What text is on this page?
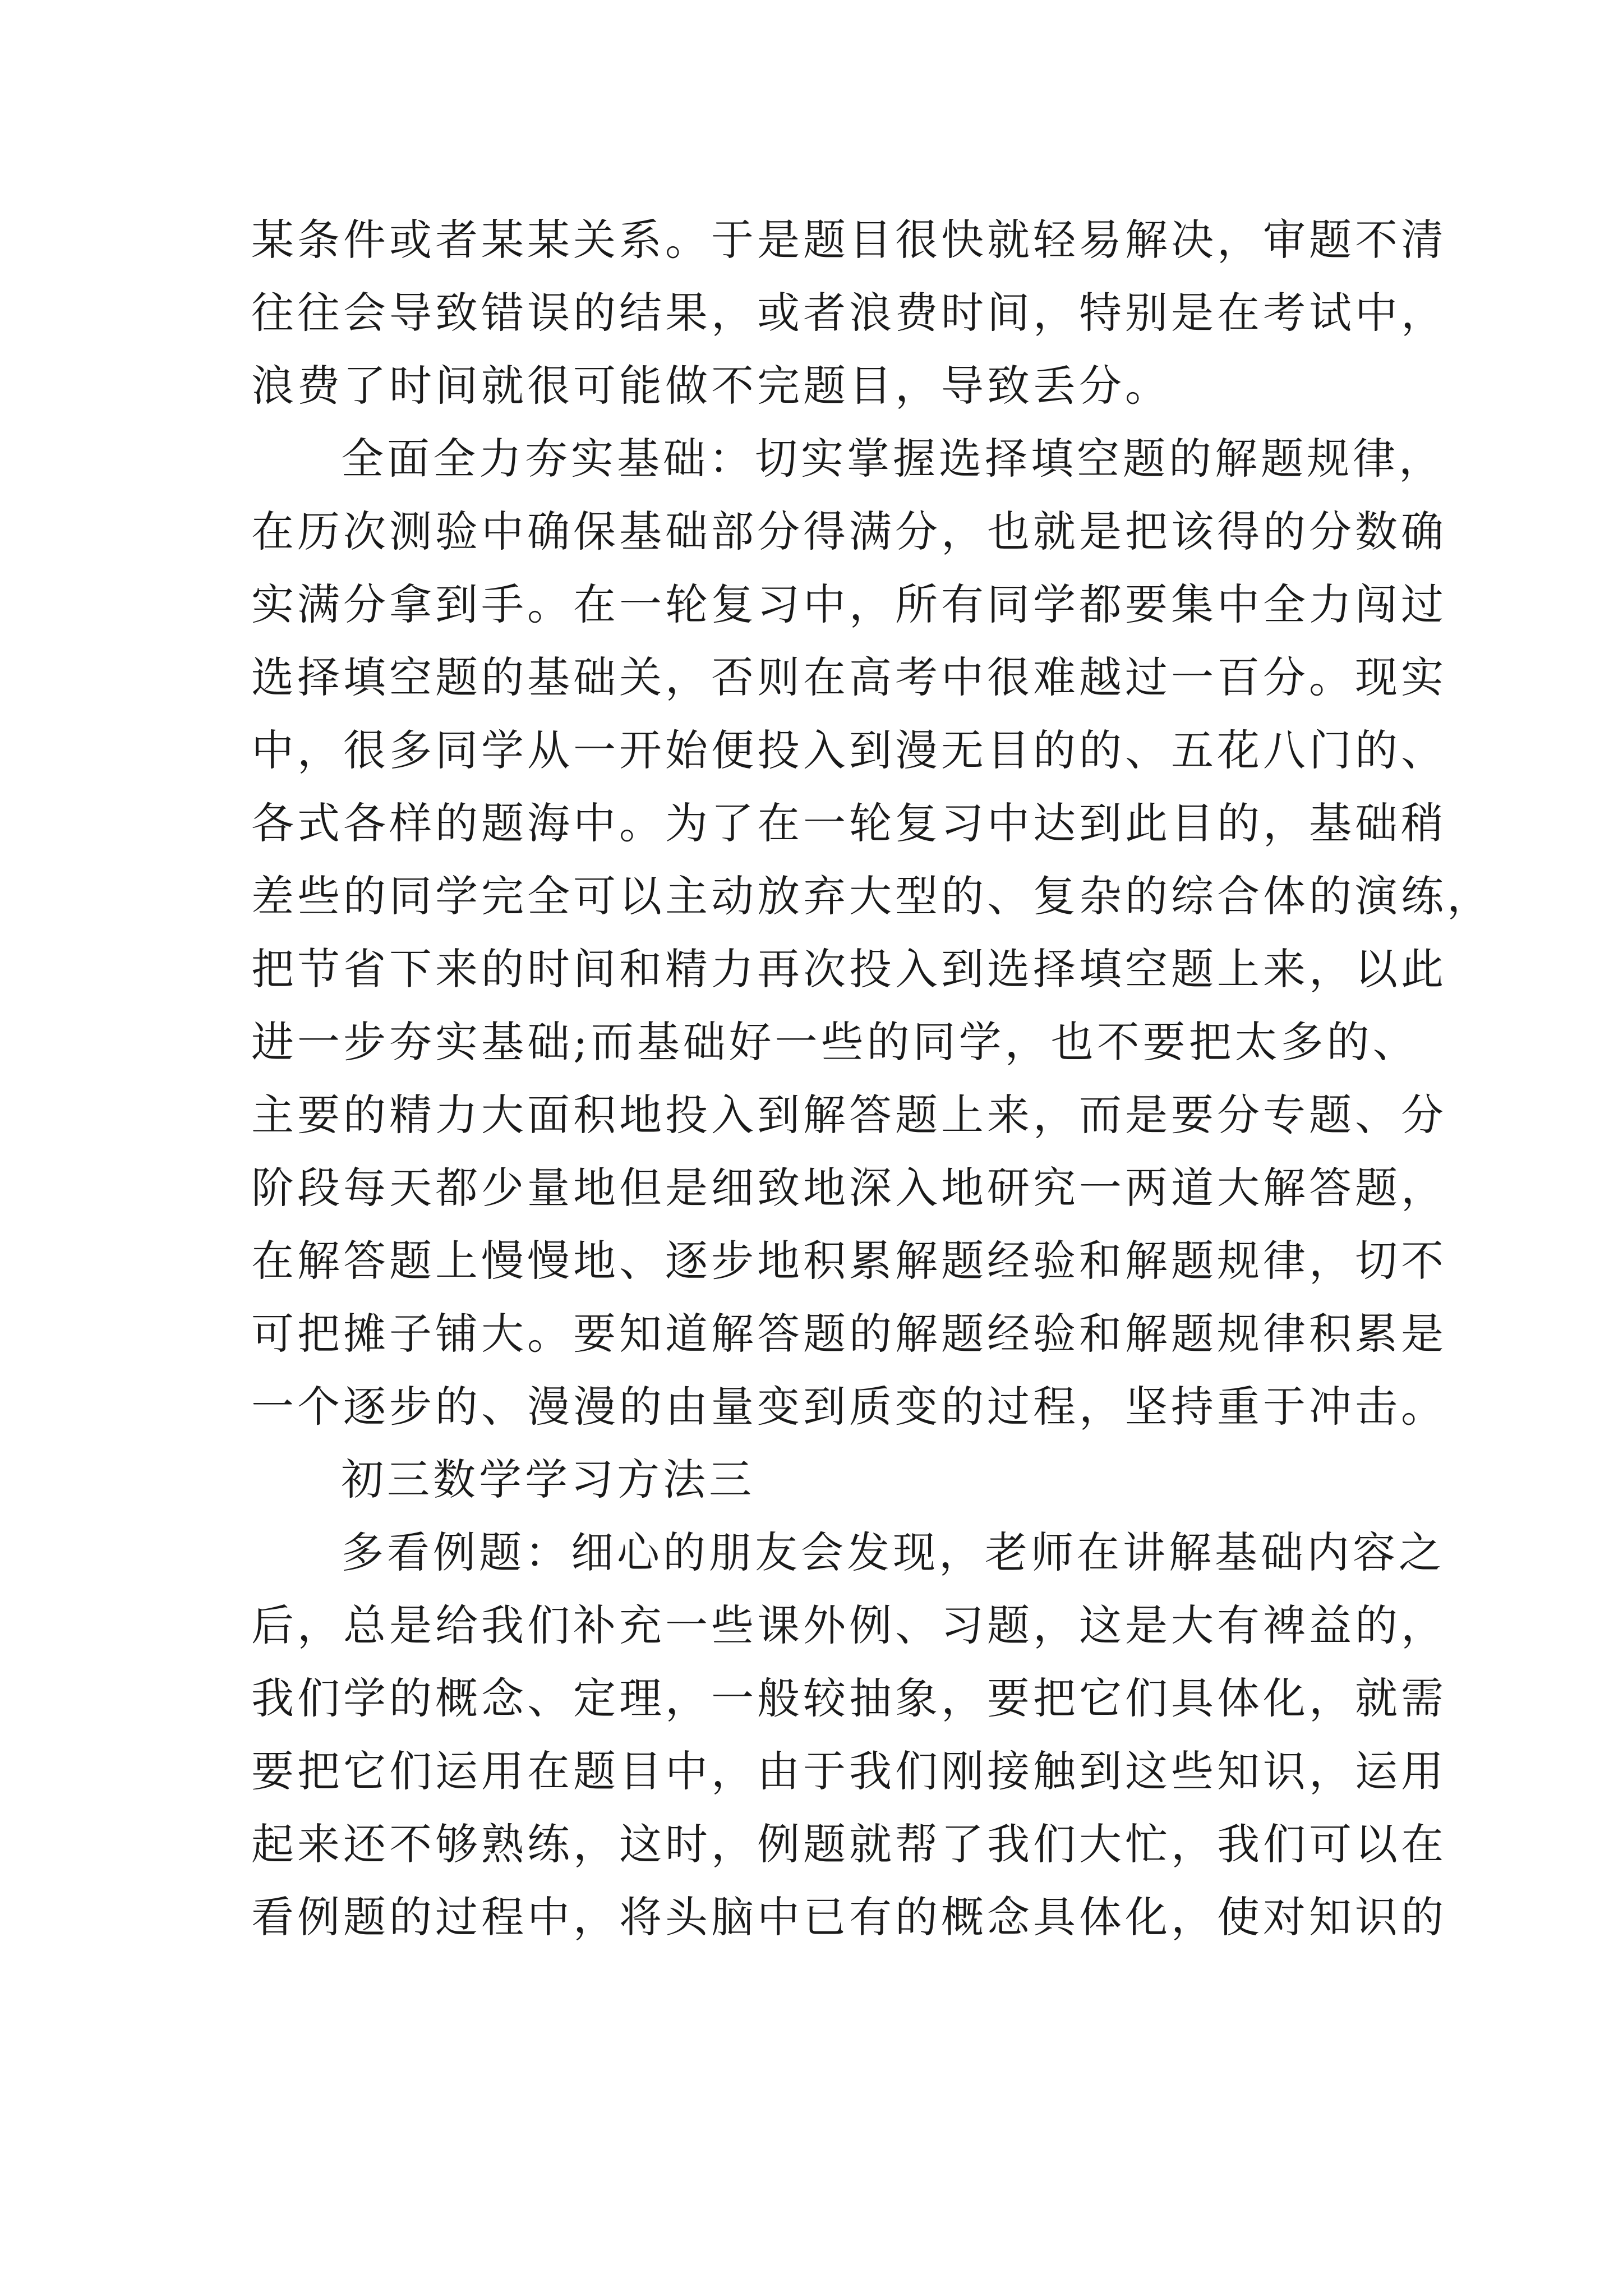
某条件或者某某关系。于是题目很快就轻易解决，审题不清
往往会导致错误的结果，或者浪费时间，特别是在考试中，
浪费了时间就很可能做不完题目，导致丢分。
全面全力夯实基础：切实掌握选择填空题的解题规律，
在历次测验中确保基础部分得满分，也就是把该得的分数确
实满分拿到手。在一轮复习中，所有同学都要集中全力闯过
选择填空题的基础关，否则在高考中很难越过一百分。现实
中，很多同学从一开始便投入到漫无目的的、五花八门的、
各式各样的题海中。为了在一轮复习中达到此目的，基础稍
差些的同学完全可以主动放弃大型的、复杂的综合体的演练，
把节省下来的时间和精力再次投入到选择填空题上来，以此
进一步夯实基础;而基础好一些的同学，也不要把太多的、
主要的精力大面积地投入到解答题上来，而是要分专题、分
阶段每天都少量地但是细致地深入地研究一两道大解答题，
在解答题上慢慢地、逐步地积累解题经验和解题规律，切不
可把摊子铺大。要知道解答题的解题经验和解题规律积累是
一个逐步的、漫漫的由量变到质变的过程，坚持重于冲击。
初三数学学习方法三
多看例题：细心的朋友会发现，老师在讲解基础内容之
后，总是给我们补充一些课外例、习题，这是大有裨益的，
我们学的概念、定理，一般较抽象，要把它们具体化，就需
要把它们运用在题目中，由于我们刚接触到这些知识，运用
起来还不够熟练，这时，例题就帮了我们大忙，我们可以在
看例题的过程中，将头脑中已有的概念具体化，使对知识的
